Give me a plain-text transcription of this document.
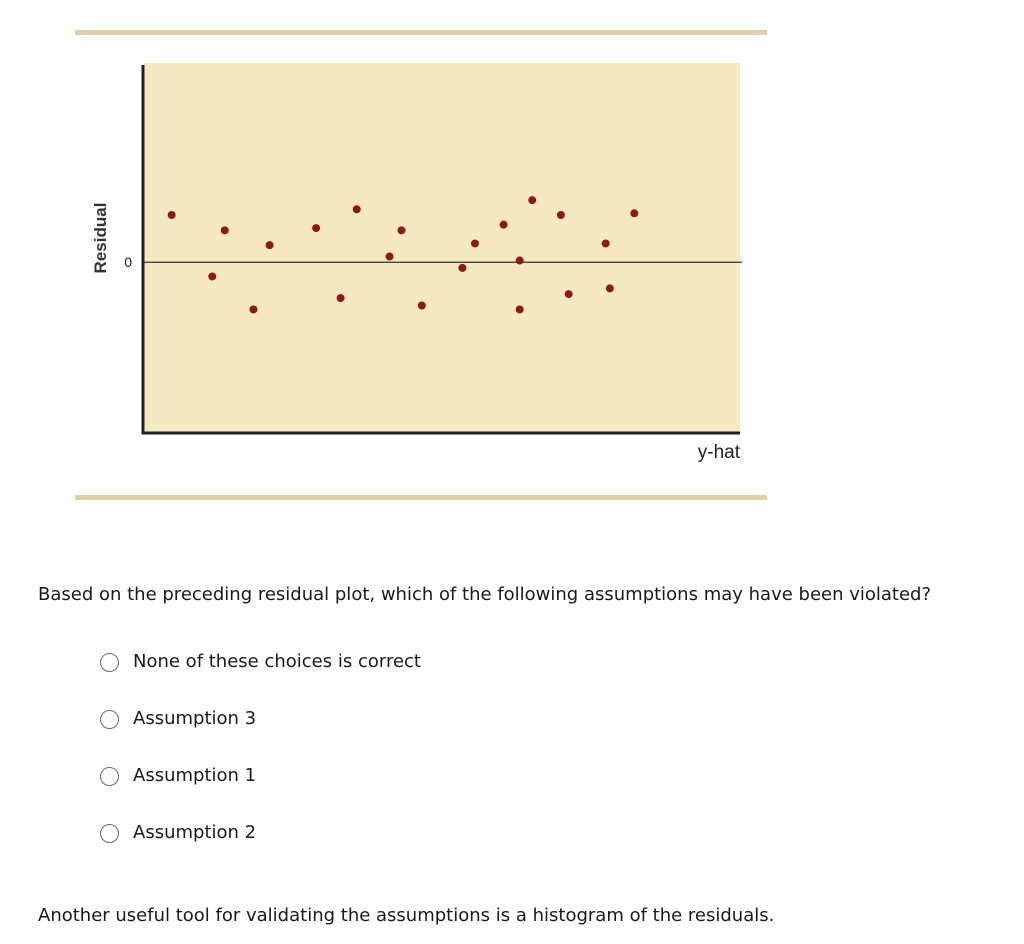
0
Residual
y-hat
Based on the preceding residual plot, which of the following assumptions may have been violated?
None of these choices is correct
Assumption 3
Assumption 1
Assumption 2
Another useful tool for validating the assumptions is a histogram of the residuals.
